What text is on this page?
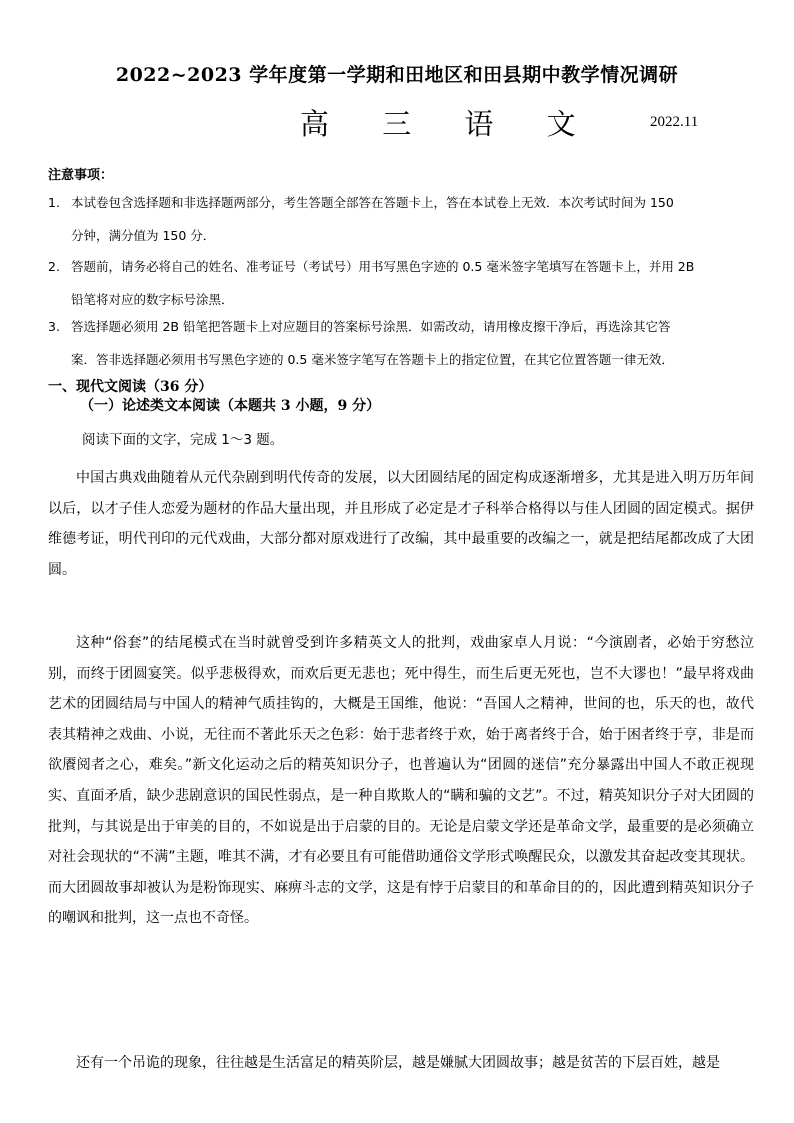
2022~2023 学年度第一学期和田地区和田县期中教学情况调研
高 三 语 文	2022.11
注意事项：
1. 本试卷包含选择题和非选择题两部分，考生答题全部答在答题卡上，答在本试卷上无效．本次考试时间为 150
分钟，满分值为 150 分．
2. 答题前，请务必将自己的姓名、准考证号（考试号）用书写黑色字迹的 0.5 毫米签字笔填写在答题卡上，并用 2B
铅笔将对应的数字标号涂黑．
3. 答选择题必须用 2B 铅笔把答题卡上对应题目的答案标号涂黑．如需改动，请用橡皮擦干净后，再选涂其它答
案．答非选择题必须用书写黑色字迹的 0.5 毫米签字笔写在答题卡上的指定位置，在其它位置答题一律无效．
一、现代文阅读（36 分）
（一）论述类文本阅读（本题共 3 小题，9 分）
阅读下面的文字，完成 1～3 题。
中国古典戏曲随着从元代杂剧到明代传奇的发展，以大团圆结尾的固定构成逐渐增多，尤其是进入明万历年间以后，以才子佳人恋爱为题材的作品大量出现，并且形成了必定是才子科举合格得以与佳人团圆的固定模式。据伊维德考证，明代刊印的元代戏曲，大部分都对原戏进行了改编，其中最重要的改编之一，就是把结尾都改成了大团圆。
这种“俗套”的结尾模式在当时就曾受到许多精英文人的批判，戏曲家卓人月说：“今演剧者，必始于穷愁泣别，而终于团圆宴笑。似乎悲极得欢，而欢后更无悲也；死中得生，而生后更无死也，岂不大谬也！”最早将戏曲艺术的团圆结局与中国人的精神气质挂钩的，大概是王国维，他说：“吾国人之精神，世间的也，乐天的也，故代表其精神之戏曲、小说，无往而不著此乐天之色彩：始于悲者终于欢，始于离者终于合，始于困者终于亨，非是而欲餍阅者之心，难矣。”新文化运动之后的精英知识分子，也普遍认为“团圆的迷信”充分暴露出中国人不敢正视现实、直面矛盾，缺少悲剧意识的国民性弱点，是一种自欺欺人的“瞒和骗的文艺”。不过，精英知识分子对大团圆的批判，与其说是出于审美的目的，不如说是出于启蒙的目的。无论是启蒙文学还是革命文学，最重要的是必须确立对社会现状的“不满”主题，唯其不满，才有必要且有可能借助通俗文学形式唤醒民众，以激发其奋起改变其现状。而大团圆故事却被认为是粉饰现实、麻痹斗志的文学，这是有悖于启蒙目的和革命目的的，因此遭到精英知识分子的嘲讽和批判，这一点也不奇怪。
还有一个吊诡的现象，往往越是生活富足的精英阶层，越是嫌腻大团圆故事；越是贫苦的下层百姓，越是
